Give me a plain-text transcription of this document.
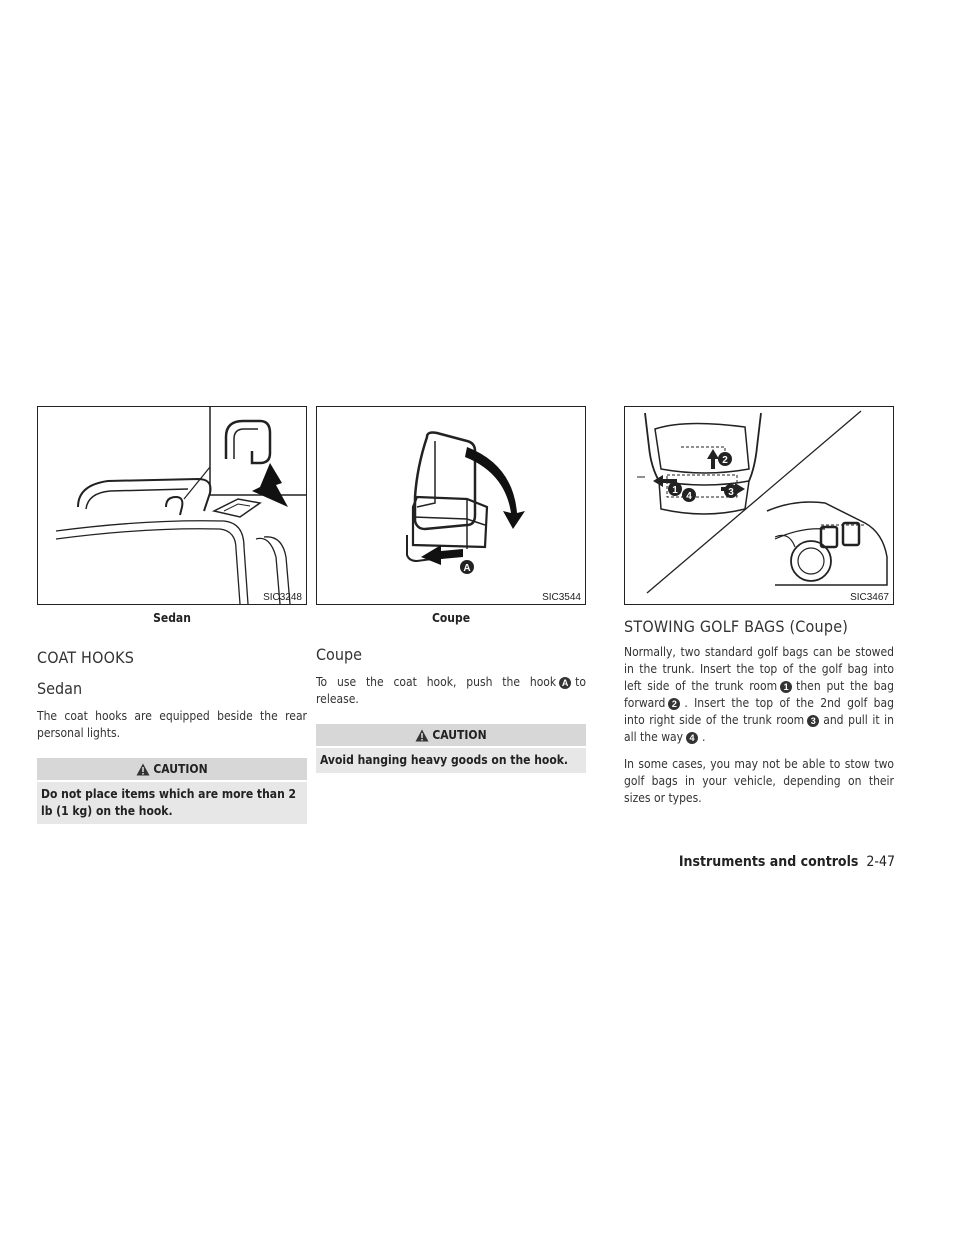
SIC3248
Sedan
COAT HOOKS
Sedan

The coat hooks are equipped beside the rear personal lights.

CAUTION
Do not place items which are more than 2 lb (1 kg) on the hook.
A
SIC3544
Coupe
Coupe

To use the coat hook, push the hook A to release.

CAUTION
Avoid hanging heavy goods on the hook.
1
2
3
4
SIC3467
STOWING GOLF BAGS (Coupe)

Normally, two standard golf bags can be stowed in the trunk. Insert the top of the golf bag into left side of the trunk room 1 then put the bag forward 2 . Insert the top of the 2nd golf bag into right side of the trunk room 3 and pull it in all the way 4 .

In some cases, you may not be able to stow two golf bags in your vehicle, depending on their sizes or types.

Instruments and controls 2-47
